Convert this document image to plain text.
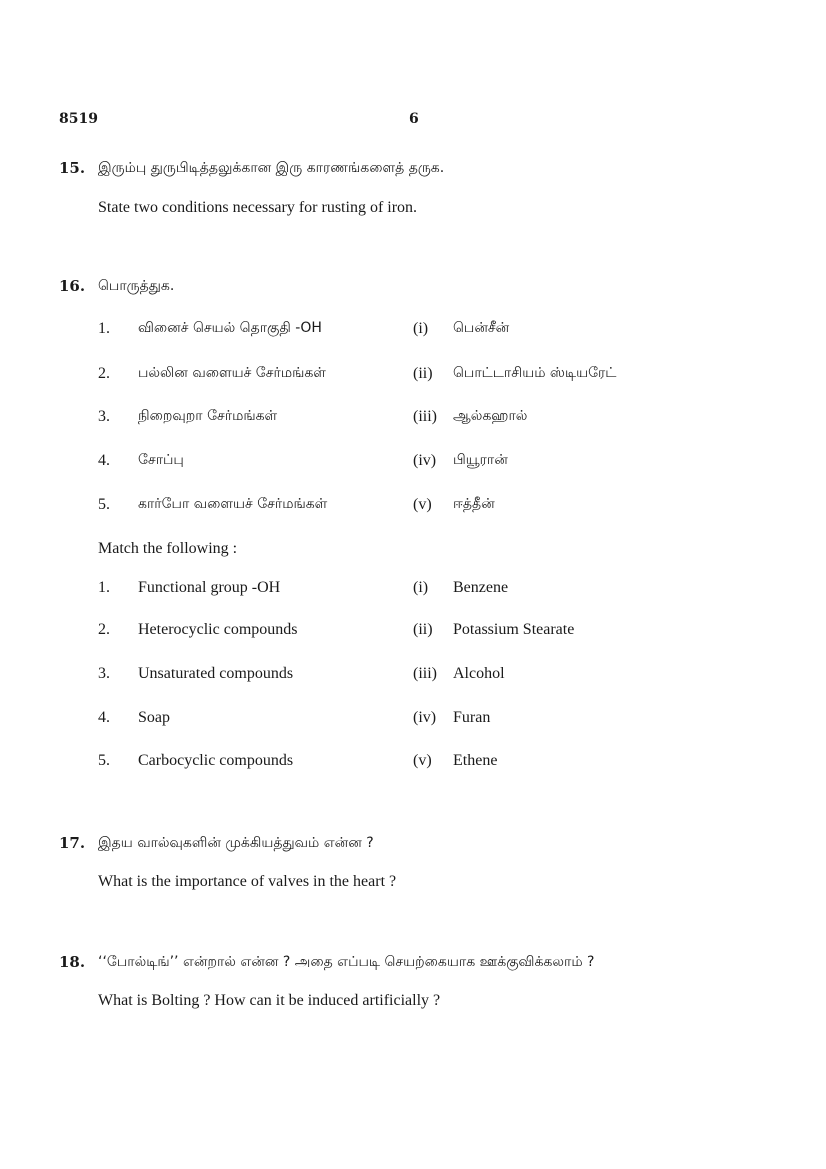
8519	6
15. இரும்பு துருபிடித்தலுக்கான இரு காரணங்களைத் தருக.
State two conditions necessary for rusting of iron.
16. பொருத்துக.
1. வினைச் செயல் தொகுதி -OH	(i) பென்சீன்
2. பல்லின வளையச் சேர்மங்கள்	(ii) பொட்டாசியம் ஸ்டியரேட்
3. நிறைவுறா சேர்மங்கள்	(iii) ஆல்கஹால்
4. சோப்பு	(iv) பியூரான்
5. கார்போ வளையச் சேர்மங்கள்	(v) ஈத்தீன்
Match the following :
1. Functional group -OH	(i) Benzene
2. Heterocyclic compounds	(ii) Potassium Stearate
3. Unsaturated compounds	(iii) Alcohol
4. Soap	(iv) Furan
5. Carbocyclic compounds	(v) Ethene
17. இதய வால்வுகளின் முக்கியத்துவம் என்ன ?
What is the importance of valves in the heart ?
18. ‘‘போல்டிங்’’ என்றால் என்ன ? அதை எப்படி செயற்கையாக ஊக்குவிக்கலாம் ?
What is Bolting ? How can it be induced artificially ?
